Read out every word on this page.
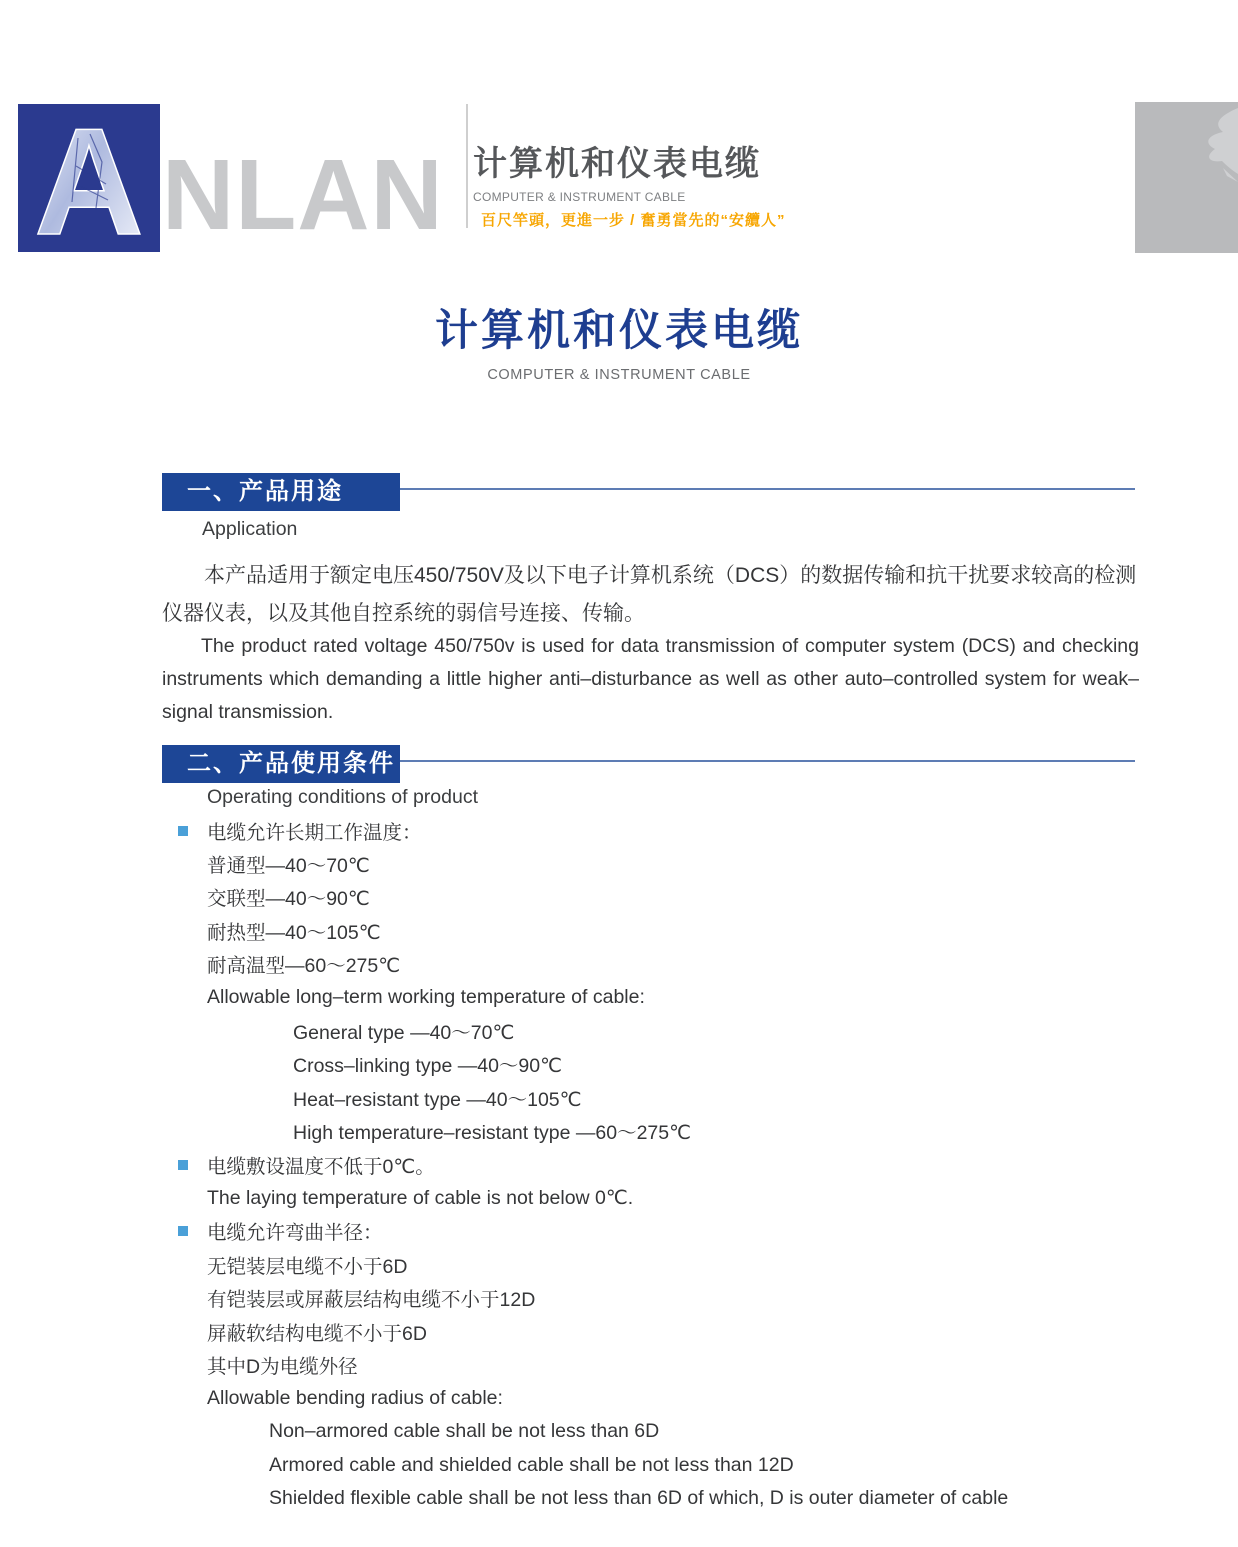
A NLAN 计算机和仪表电缆
COMPUTER & INSTRUMENT CABLE
百尺竿頭，更進一步 / 奮勇當先的“安纜人”
计算机和仪表电缆
COMPUTER & INSTRUMENT CABLE
一、产品用途
Application

本产品适用于额定电压450/750V及以下电子计算机系统（DCS）的数据传输和抗干扰要求较高的检测仪器仪表，以及其他自控系统的弱信号连接、传输。

The product rated voltage 450/750v is used for data transmission of computer system (DCS) and checking instruments which demanding a little higher anti–disturbance as well as other auto–controlled system for weak–signal transmission.

二、产品使用条件
Operating conditions of product
电缆允许长期工作温度：
普通型—40～70℃
交联型—40～90℃
耐热型—40～105℃
耐高温型—60～275℃
Allowable long–term working temperature of cable:
General type —40～70℃
Cross–linking type —40～90℃
Heat–resistant type —40～105℃
High temperature–resistant type —60～275℃
电缆敷设温度不低于0℃。
The laying temperature of cable is not below 0℃.
电缆允许弯曲半径：
无铠装层电缆不小于6D
有铠装层或屏蔽层结构电缆不小于12D
屏蔽软结构电缆不小于6D
其中D为电缆外径
Allowable bending radius of cable:
Non–armored cable shall be not less than 6D
Armored cable and shielded cable shall be not less than 12D
Shielded flexible cable shall be not less than 6D of which, D is outer diameter of cable
